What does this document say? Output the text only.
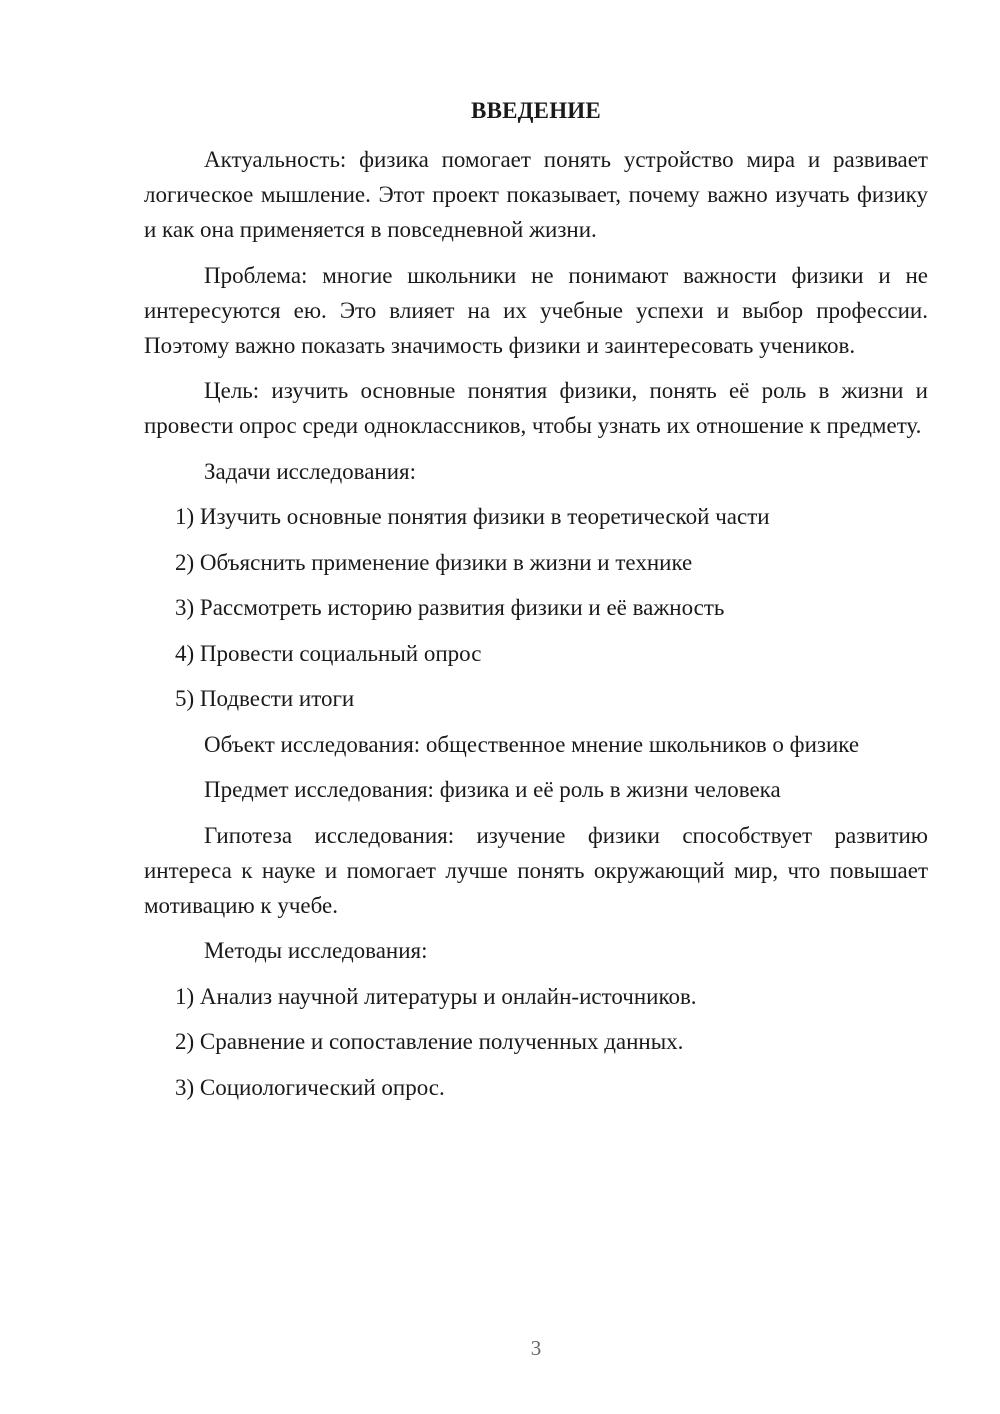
ВВЕДЕНИЕ

Актуальность: физика помогает понять устройство мира и развивает логическое мышление. Этот проект показывает, почему важно изучать физику и как она применяется в повседневной жизни.

Проблема: многие школьники не понимают важности физики и не интересуются ею. Это влияет на их учебные успехи и выбор профессии. Поэтому важно показать значимость физики и заинтересовать учеников.

Цель: изучить основные понятия физики, понять её роль в жизни и провести опрос среди одноклассников, чтобы узнать их отношение к предмету.

Задачи исследования:

1) Изучить основные понятия физики в теоретической части

2) Объяснить применение физики в жизни и технике

3) Рассмотреть историю развития физики и её важность

4) Провести социальный опрос

5) Подвести итоги

Объект исследования: общественное мнение школьников о физике

Предмет исследования: физика и её роль в жизни человека

Гипотеза исследования: изучение физики способствует развитию интереса к науке и помогает лучше понять окружающий мир, что повышает мотивацию к учебе.

Методы исследования:

1) Анализ научной литературы и онлайн-источников.

2) Сравнение и сопоставление полученных данных.

3) Социологический опрос.

3
